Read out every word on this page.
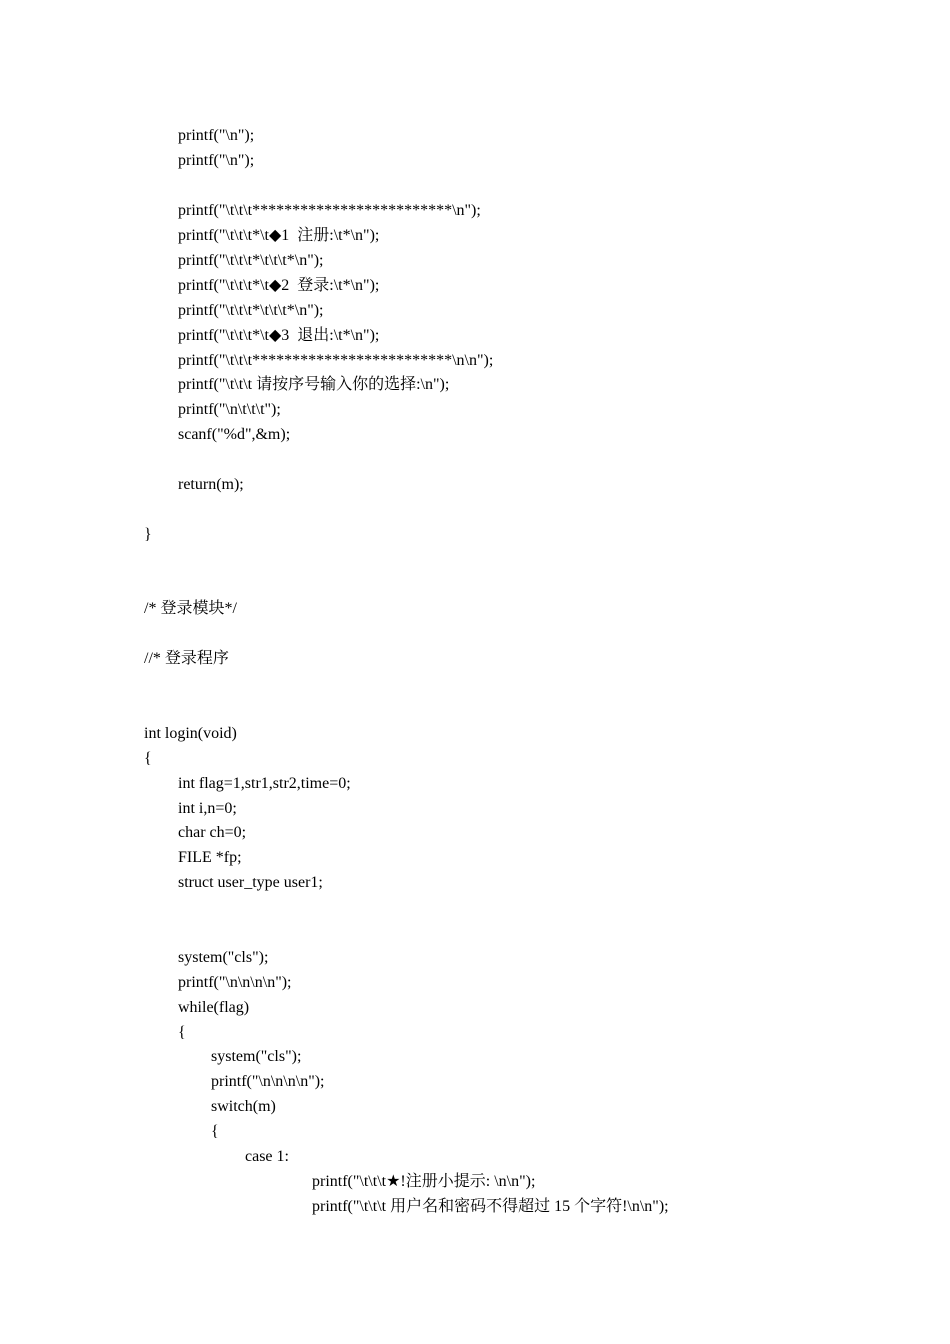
printf("\n");
printf("\n");
printf("\t\t\t*************************\n");
printf("\t\t\t*\t◆1  注册:\t*\n");
printf("\t\t\t*\t\t\t*\n");
printf("\t\t\t*\t◆2  登录:\t*\n");
printf("\t\t\t*\t\t\t*\n");
printf("\t\t\t*\t◆3  退出:\t*\n");
printf("\t\t\t*************************\n\n");
printf("\t\t\t 请按序号输入你的选择:\n");
printf("\n\t\t\t");
scanf("%d",&m);
return(m);
}
/* 登录模块*/
//* 登录程序
int login(void)
{
int flag=1,str1,str2,time=0;
int i,n=0;
char ch=0;
FILE *fp;
struct user_type user1;
system("cls");
printf("\n\n\n\n");
while(flag)
{
system("cls");
printf("\n\n\n\n");
switch(m)
{
case 1:
printf("\t\t\t★!注册小提示: \n\n");
printf("\t\t\t 用户名和密码不得超过 15 个字符!\n\n");
